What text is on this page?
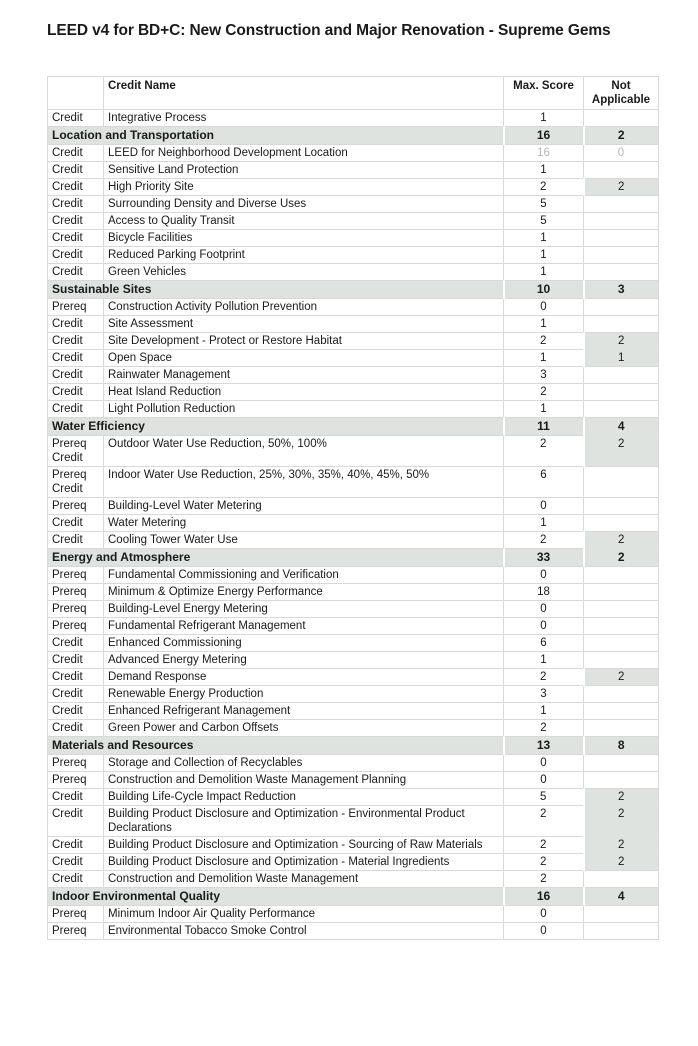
LEED v4 for BD+C: New Construction and Major Renovation - Supreme Gems
	Credit Name	Max. Score	Not Applicable
Credit	Integrative Process	1	
Location and Transportation		16	2
Credit	LEED for Neighborhood Development Location	16	0
Credit	Sensitive Land Protection	1	
Credit	High Priority Site	2	2
Credit	Surrounding Density and Diverse Uses	5	
Credit	Access to Quality Transit	5	
Credit	Bicycle Facilities	1	
Credit	Reduced Parking Footprint	1	
Credit	Green Vehicles	1	
Sustainable Sites		10	3
Prereq	Construction Activity Pollution Prevention	0	
Credit	Site Assessment	1	
Credit	Site Development - Protect or Restore Habitat	2	2
Credit	Open Space	1	1
Credit	Rainwater Management	3	
Credit	Heat Island Reduction	2	
Credit	Light Pollution Reduction	1	
Water Efficiency		11	4
Prereq Credit	Outdoor Water Use Reduction, 50%, 100%	2	2
Prereq Credit	Indoor Water Use Reduction, 25%, 30%, 35%, 40%, 45%, 50%	6	
Prereq	Building-Level Water Metering	0	
Credit	Water Metering	1	
Credit	Cooling Tower Water Use	2	2
Energy and Atmosphere		33	2
Prereq	Fundamental Commissioning and Verification	0	
Prereq	Minimum & Optimize Energy Performance	18	
Prereq	Building-Level Energy Metering	0	
Prereq	Fundamental Refrigerant Management	0	
Credit	Enhanced Commissioning	6	
Credit	Advanced Energy Metering	1	
Credit	Demand Response	2	2
Credit	Renewable Energy Production	3	
Credit	Enhanced Refrigerant Management	1	
Credit	Green Power and Carbon Offsets	2	
Materials and Resources		13	8
Prereq	Storage and Collection of Recyclables	0	
Prereq	Construction and Demolition Waste Management Planning	0	
Credit	Building Life-Cycle Impact Reduction	5	2
Credit	Building Product Disclosure and Optimization - Environmental Product Declarations	2	2
Credit	Building Product Disclosure and Optimization - Sourcing of Raw Materials	2	2
Credit	Building Product Disclosure and Optimization - Material Ingredients	2	2
Credit	Construction and Demolition Waste Management	2	
Indoor Environmental Quality		16	4
Prereq	Minimum Indoor Air Quality Performance	0	
Prereq	Environmental Tobacco Smoke Control	0	
